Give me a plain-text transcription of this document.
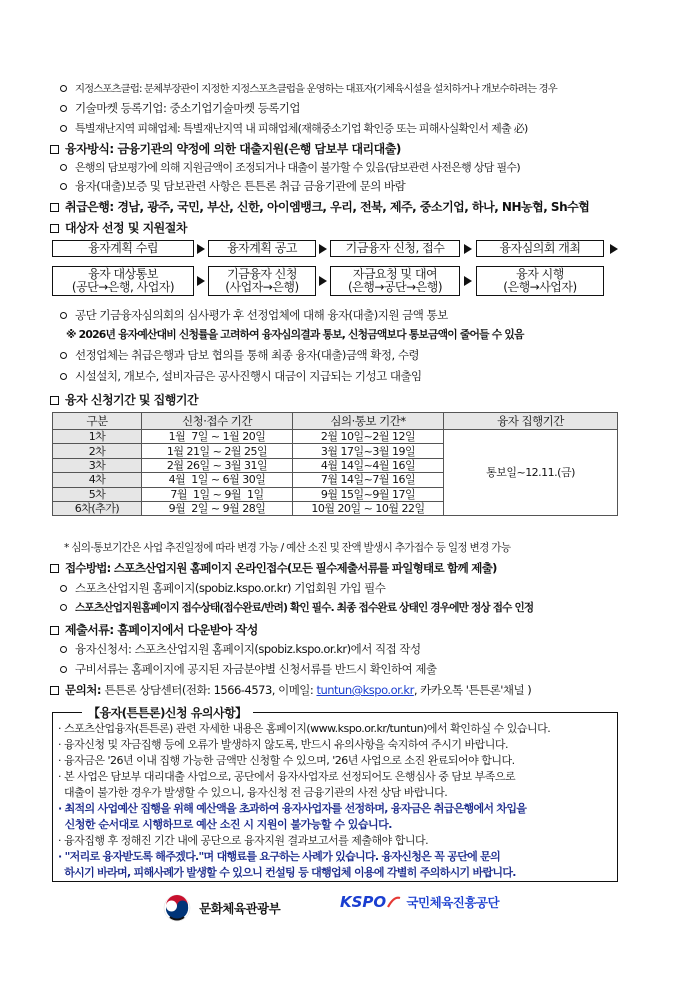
지정스포츠클럽: 문체부장관이 지정한 지정스포츠클럽을 운영하는 대표자(기체육시설을 설치하거나 개보수하려는 경우
기술마켓 등록기업: 중소기업기술마켓 등록기업
특별재난지역 피해업체: 특별재난지역 내 피해업체(재해중소기업 확인증 또는 피해사실확인서 제출 必)
융자방식: 금융기관의 약정에 의한 대출지원(은행 담보부 대리대출)
은행의 담보평가에 의해 지원금액이 조정되거나 대출이 불가할 수 있음(담보관련 사전은행 상담 필수)
융자(대출)보증 및 담보관련 사항은 튼튼론 취급 금융기관에 문의 바람
취급은행: 경남, 광주, 국민, 부산, 신한, 아이엠뱅크, 우리, 전북, 제주, 중소기업, 하나, NH농협, Sh수협
대상자 선정 및 지원절차
융자계획 수립	융자계획 공고	기금융자 신청, 접수	융자심의회 개최
융자 대상통보
(공단→은행, 사업자)
기금융자 신청
(사업자→은행)
자금요청 및 대여
(은행→공단→은행)
융자 시행
(은행→사업자)
공단 기금융자심의회의 심사평가 후 선정업체에 대해 융자(대출)지원 금액 통보
※ 2026년 융자예산대비 신청률을 고려하여 융자심의결과 통보, 신청금액보다 통보금액이 줄어들 수 있음
선정업체는 취급은행과 담보 협의를 통해 최종 융자(대출)금액 확정, 수령
시설설치, 개보수, 설비자금은 공사진행시 대금이 지급되는 기성고 대출임
융자 신청기간 및 집행기간
구분	신청·접수 기간	심의·통보 기간*	융자 집행기간
1차	1월  7일 ~ 1월 20일	2월 10일~2월 12일	통보일~12.11.(금)
2차	1월 21일 ~ 2월 25일	3월 17일~3월 19일	
3차	2월 26일 ~ 3월 31일	4월 14일~4월 16일	
4차	4월  1일 ~ 6월 30일	7월 14일~7월 16일	
5차	7월  1일 ~ 9월  1일	9월 15일~9월 17일	
6차(추가)	9월  2일 ~ 9월 28일	10월 20일 ~ 10월 22일	
* 심의·통보기간은 사업 추진일정에 따라 변경 가능 / 예산 소진 및 잔액 발생시 추가접수 등 일정 변경 가능
접수방법: 스포츠산업지원 홈페이지 온라인접수(모든 필수제출서류를 파일형태로 함께 제출)
스포츠산업지원 홈페이지(spobiz.kspo.or.kr) 기업회원 가입 필수
스포츠산업지원홈페이지 접수상태(접수완료/반려) 확인 필수. 최종 접수완료 상태인 경우에만 정상 접수 인정
제출서류: 홈페이지에서 다운받아 작성
융자신청서: 스포츠산업지원 홈페이지(spobiz.kspo.or.kr)에서 직접 작성
구비서류는 홈페이지에 공지된 자금분야별 신청서류를 반드시 확인하여 제출
문의처: 튼튼론 상담센터(전화: 1566-4573, 이메일: tuntun@kspo.or.kr, 카카오톡 '튼튼론'채널 )
【융자(튼튼론)신청 유의사항】
· 스포츠산업융자(튼튼론) 관련 자세한 내용은 홈페이지(www.kspo.or.kr/tuntun)에서 확인하실 수 있습니다.
· 융자신청 및 자금집행 등에 오류가 발생하지 않도록, 반드시 유의사항을 숙지하여 주시기 바랍니다.
· 융자금은 '26년 이내 집행 가능한 금액만 신청할 수 있으며, '26년 사업으로 소진 완료되어야 합니다.
· 본 사업은 담보부 대리대출 사업으로, 공단에서 융자사업자로 선정되어도 은행심사 중 담보 부족으로
대출이 불가한 경우가 발생할 수 있으니, 융자신청 전 금융기관의 사전 상담 바랍니다.
· 최적의 사업예산 집행을 위해 예산액을 초과하여 융자사업자를 선정하며, 융자금은 취급은행에서 차입을
신청한 순서대로 시행하므로 예산 소진 시 지원이 불가능할 수 있습니다.
· 융자집행 후 정해진 기간 내에 공단으로 융자지원 결과보고서를 제출해야 합니다.
· "저리로 융자받도록 해주겠다."며 대행료를 요구하는 사례가 있습니다. 융자신청은 꼭 공단에 문의
하시기 바라며, 피해사례가 발생할 수 있으니 컨설팅 등 대행업체 이용에 각별히 주의하시기 바랍니다.
문화체육관광부	KSPO 국민체육진흥공단
